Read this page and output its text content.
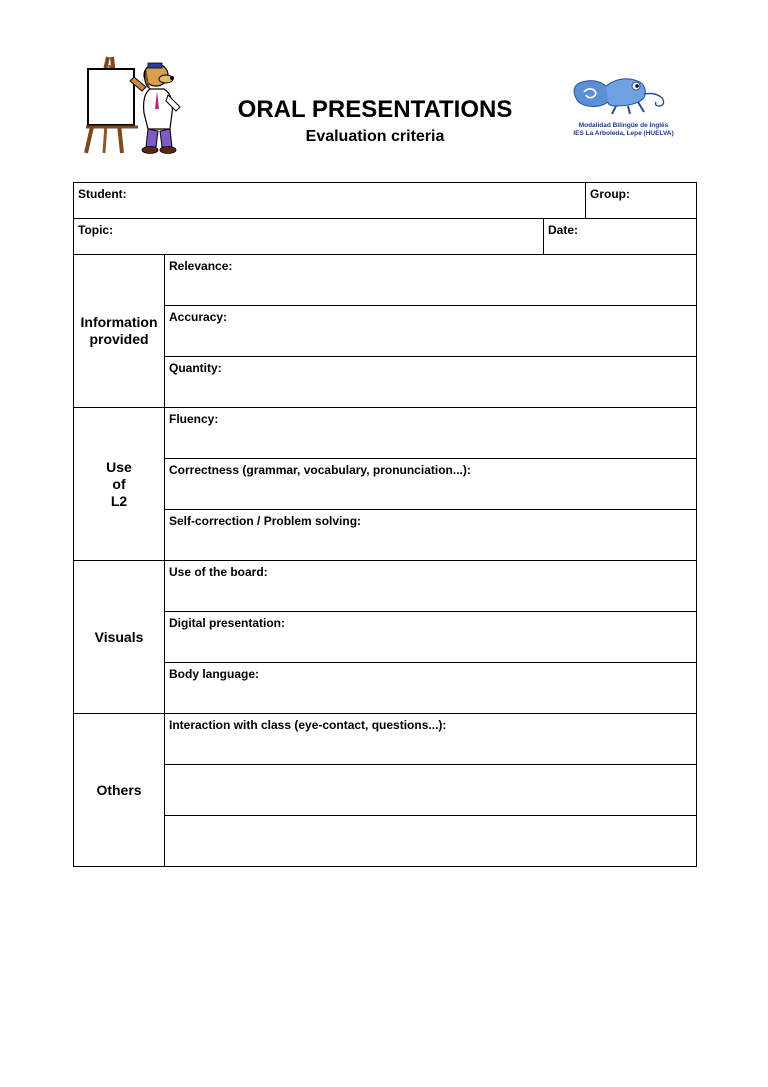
Modalidad Bilingüe de Inglés
IES La Arboleda, Lepe (HUELVA)
ORAL PRESENTATIONS
Evaluation criteria
Student:			Group:

Topic:		Date:	

Information
provided	Relevance:		

	Accuracy:		

	Quantity:		

Use
of
L2	Fluency:		

	Correctness (grammar, vocabulary, pronunciation...):		

	Self-correction / Problem solving:		

Visuals	Use of the board:		

	Digital presentation:		

	Body language:		

Others	Interaction with class (eye-contact, questions...):		
